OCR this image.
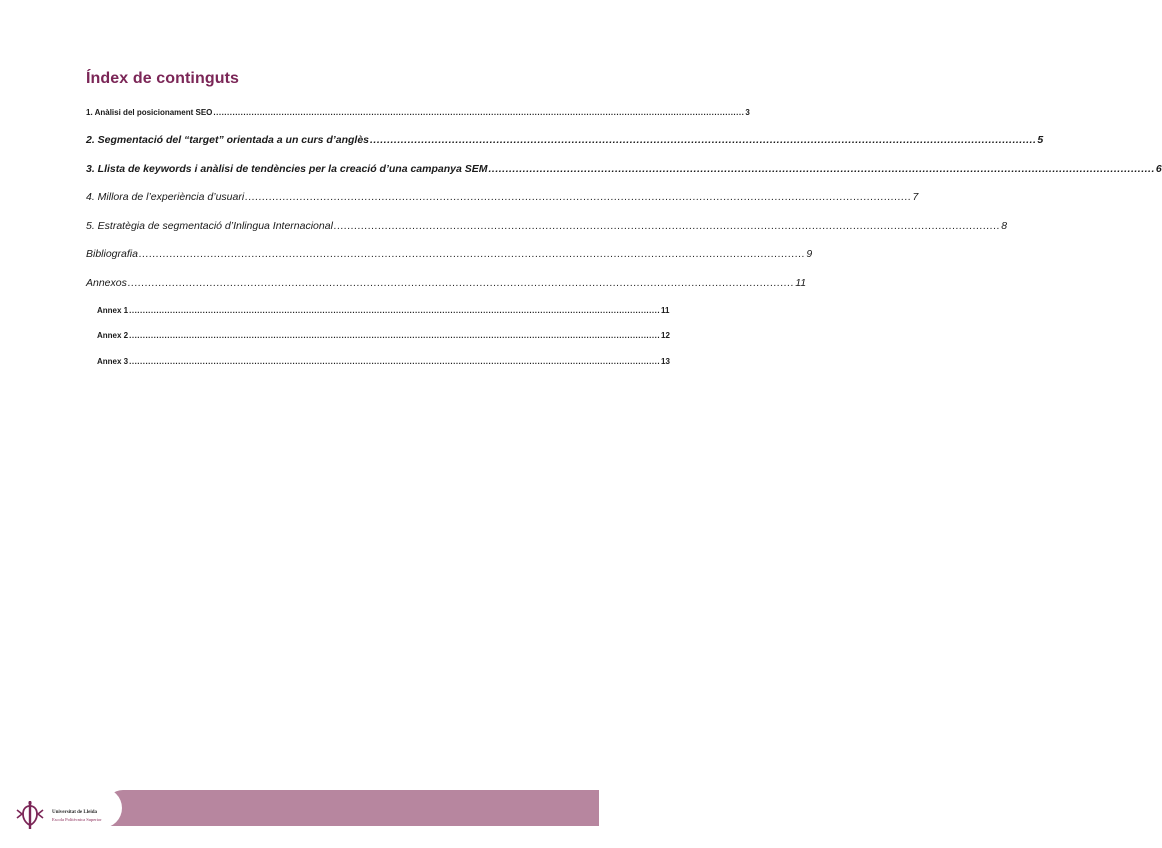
Índex de continguts
1. Anàlisi del posicionament SEO ................................................................................................................................................................................................... 3
2. Segmentació del “target” orientada a un curs d’anglès ................................................................................................................................................................................................... 5
3. Llista de keywords i anàlisi de tendències per la creació d’una campanya SEM ................................................................................................................................................................................................... 6
4. Millora de l’experiència d’usuari ................................................................................................................................................................................................... 7
5. Estratègia de segmentació d’Inlingua Internacional ................................................................................................................................................................................................... 8
Bibliografia ................................................................................................................................................................................................... 9
Annexos ................................................................................................................................................................................................... 11
Annex 1 ................................................................................................................................................................................................... 11
Annex 2 ................................................................................................................................................................................................... 12
Annex 3 ................................................................................................................................................................................................... 13
Universitat de Lleida
Escola Politècnica Superior
